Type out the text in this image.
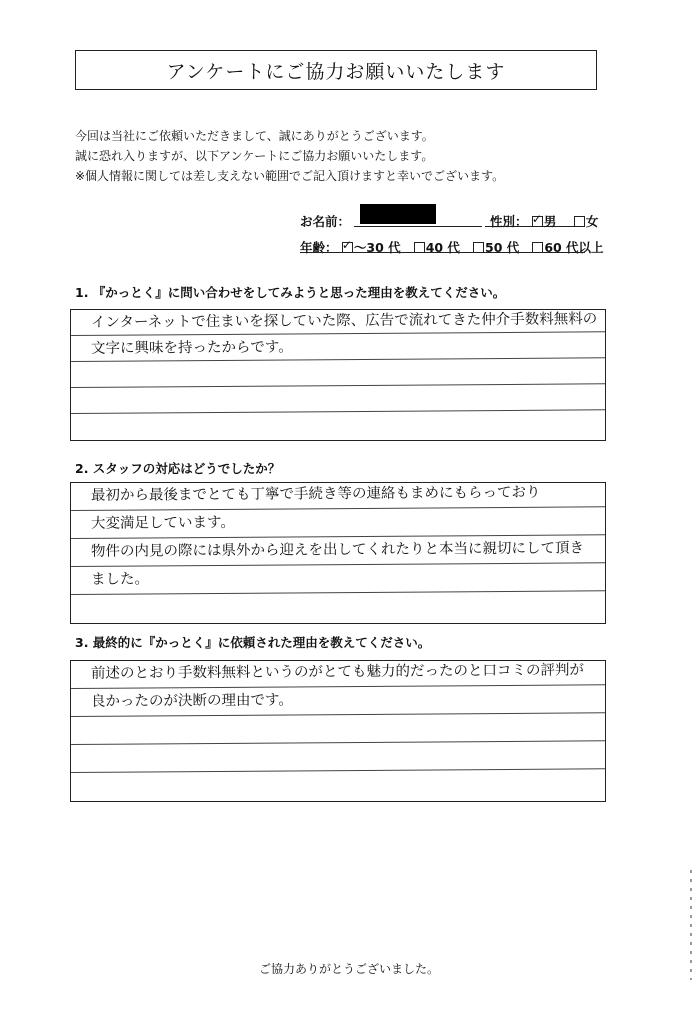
アンケートにご協力お願いいたします
今回は当社にご依頼いただきまして、誠にありがとうございます。
誠に恐れ入りますが、以下アンケートにご協力お願いいたします。
※個人情報に関しては差し支えない範囲でご記入頂けますと幸いでございます。
お名前：	性別： ✓ 男 女
年齢： ✓ ～30 代 40 代 50 代 60 代以上
1. 『かっとく』に問い合わせをしてみようと思った理由を教えてください。
インターネットで住まいを探していた際、広告で流れてきた仲介手数料無料の
文字に興味を持ったからです。
2. スタッフの対応はどうでしたか？
最初から最後までとても丁寧で手続き等の連絡もまめにもらっており
大変満足しています。
物件の内見の際には県外から迎えを出してくれたりと本当に親切にして頂き
ました。
3. 最終的に『かっとく』に依頼された理由を教えてください。
前述のとおり手数料無料というのがとても魅力的だったのと口コミの評判が
良かったのが決断の理由です。
ご協力ありがとうございました。
